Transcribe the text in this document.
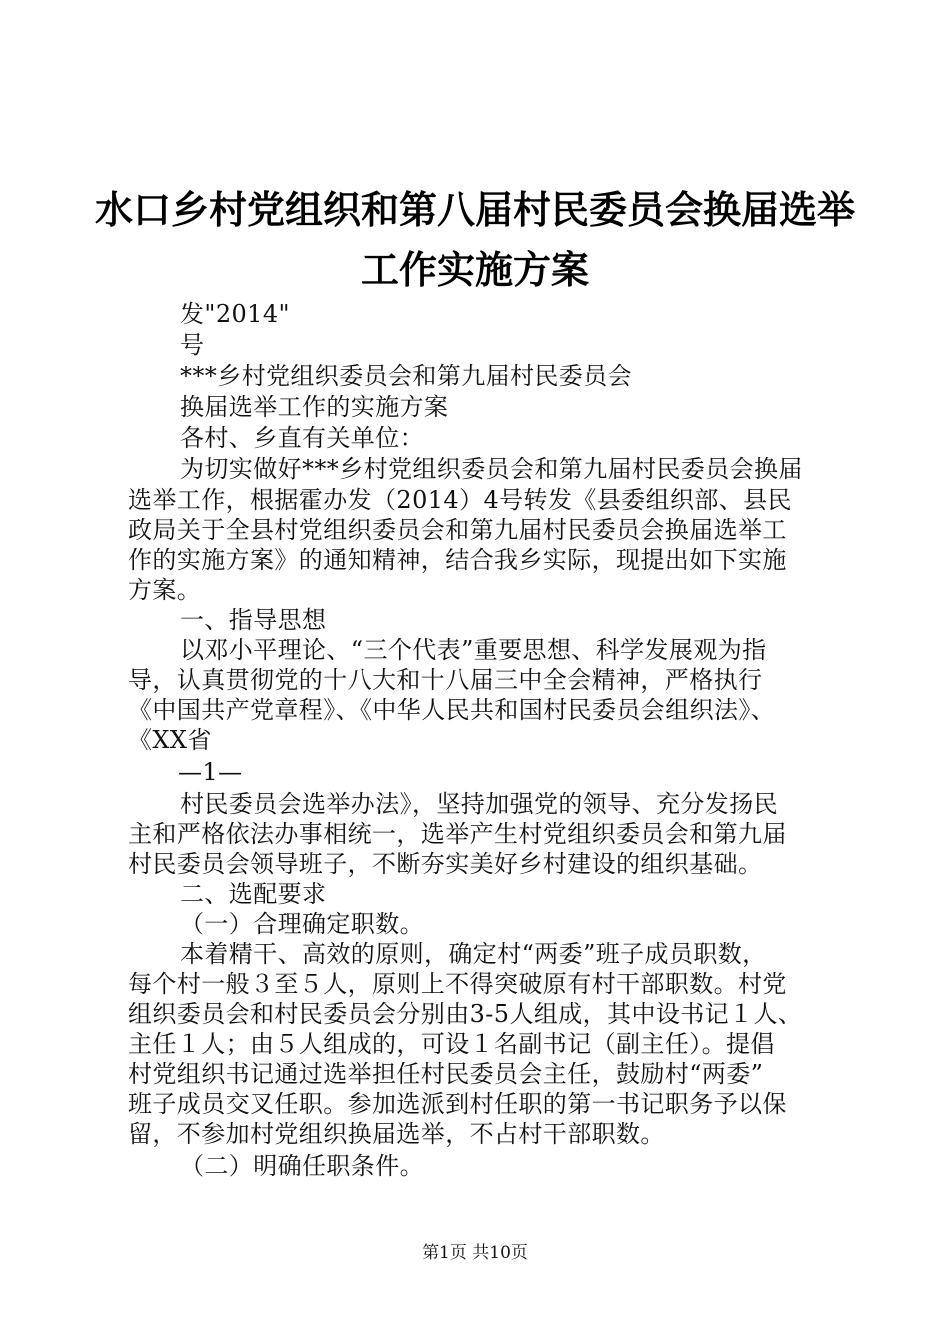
水口乡村党组织和第八届村民委员会换届选举
工作实施方案
发"2014"
号
***乡村党组织委员会和第九届村民委员会
换届选举工作的实施方案
各村、乡直有关单位：
为切实做好***乡村党组织委员会和第九届村民委员会换届
选举工作，根据霍办发（2014）4号转发《县委组织部、县民
政局关于全县村党组织委员会和第九届村民委员会换届选举工
作的实施方案》的通知精神，结合我乡实际，现提出如下实施
方案。
一、指导思想
以邓小平理论、“三个代表”重要思想、科学发展观为指
导，认真贯彻党的十八大和十八届三中全会精神，严格执行
《中国共产党章程》、《中华人民共和国村民委员会组织法》、
《XX省
—1—
村民委员会选举办法》，坚持加强党的领导、充分发扬民
主和严格依法办事相统一，选举产生村党组织委员会和第九届
村民委员会领导班子，不断夯实美好乡村建设的组织基础。
二、选配要求
（一）合理确定职数。
本着精干、高效的原则，确定村“两委”班子成员职数，
每个村一般３至５人，原则上不得突破原有村干部职数。村党
组织委员会和村民委员会分别由3-5人组成，其中设书记１人、
主任１人；由５人组成的，可设１名副书记（副主任）。提倡
村党组织书记通过选举担任村民委员会主任，鼓励村“两委”
班子成员交叉任职。参加选派到村任职的第一书记职务予以保
留，不参加村党组织换届选举，不占村干部职数。
（二）明确任职条件。
第1页 共10页
